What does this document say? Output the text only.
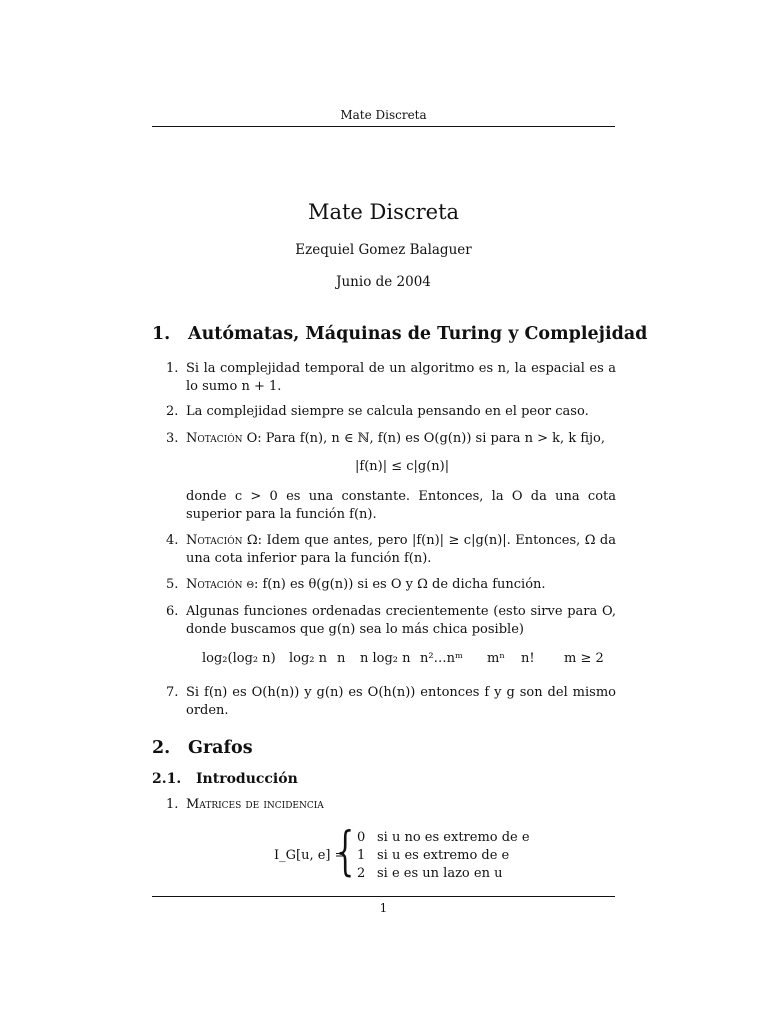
Mate Discreta
Mate Discreta
Ezequiel Gomez Balaguer
Junio de 2004
1. Autómatas, Máquinas de Turing y Complejidad
1. Si la complejidad temporal de un algoritmo es n, la espacial es a lo sumo n + 1.
2. La complejidad siempre se calcula pensando en el peor caso.
3. Notación O: Para f(n), n ∈ ℕ, f(n) es O(g(n)) si para n > k, k fijo,
|f(n)| ≤ c|g(n)|
donde c > 0 es una constante. Entonces, la O da una cota superior para la función f(n).
4. Notación Ω: Idem que antes, pero |f(n)| ≥ c|g(n)|. Entonces, Ω da una cota inferior para la función f(n).
5. Notación θ: f(n) es θ(g(n)) si es O y Ω de dicha función.
6. Algunas funciones ordenadas crecientemente (esto sirve para O, donde buscamos que g(n) sea lo más chica posible)
log₂(log₂ n) log₂ n n n log₂ n n²…nᵐ mⁿ n! m ≥ 2
7. Si f(n) es O(h(n)) y g(n) es O(h(n)) entonces f y g son del mismo orden.
2. Grafos
2.1. Introducción
1. Matrices de incidencia
I_G[u, e] =
{ 0 si u no es extremo de e
1 si u es extremo de e
2 si e es un lazo en u
1
